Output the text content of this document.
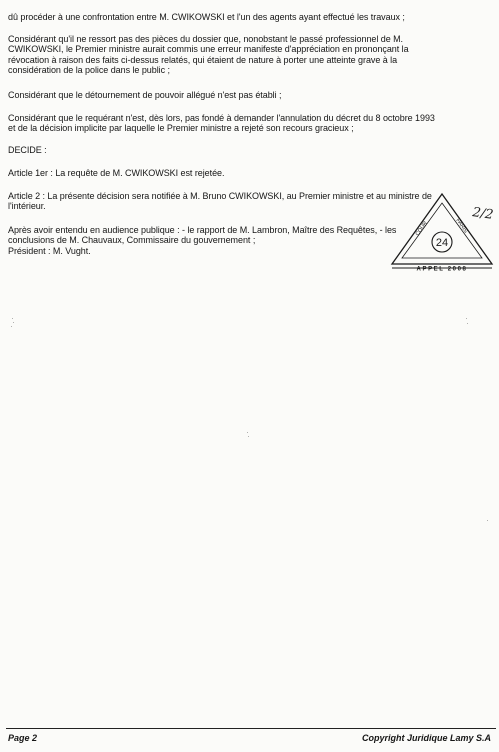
dû procéder à une confrontation entre M. CWIKOWSKI et l'un des agents ayant effectué les travaux ;
Considérant qu'il ne ressort pas des pièces du dossier que, nonobstant le passé professionnel de M.
CWIKOWSKI, le Premier ministre aurait commis une erreur manifeste d'appréciation en prononçant la
révocation à raison des faits ci-dessus relatés, qui étaient de nature à porter une atteinte grave à la
considération de la police dans le public ;
Considérant que le détournement de pouvoir allégué n'est pas établi ;
Considérant que le requérant n'est, dès lors, pas fondé à demander l'annulation du décret du 8 octobre 1993
et de la décision implicite par laquelle le Premier ministre a rejeté son recours gracieux ;
DECIDE :
Article 1er : La requête de M. CWIKOWSKI est rejetée.
Article 2 : La présente décision sera notifiée à M. Bruno CWIKOWSKI, au Premier ministre et au ministre de
l'intérieur.
Après avoir entendu en audience publique : - le rapport de M. Lambron, Maître des Requêtes, - les
conclusions de M. Chauvaux, Commissaire du gouvernement ;
Président : M. Vught.
24
APPEL 2008
COUR	PARIS
2/2
Page 2	Copyright Juridique Lamy S.A
